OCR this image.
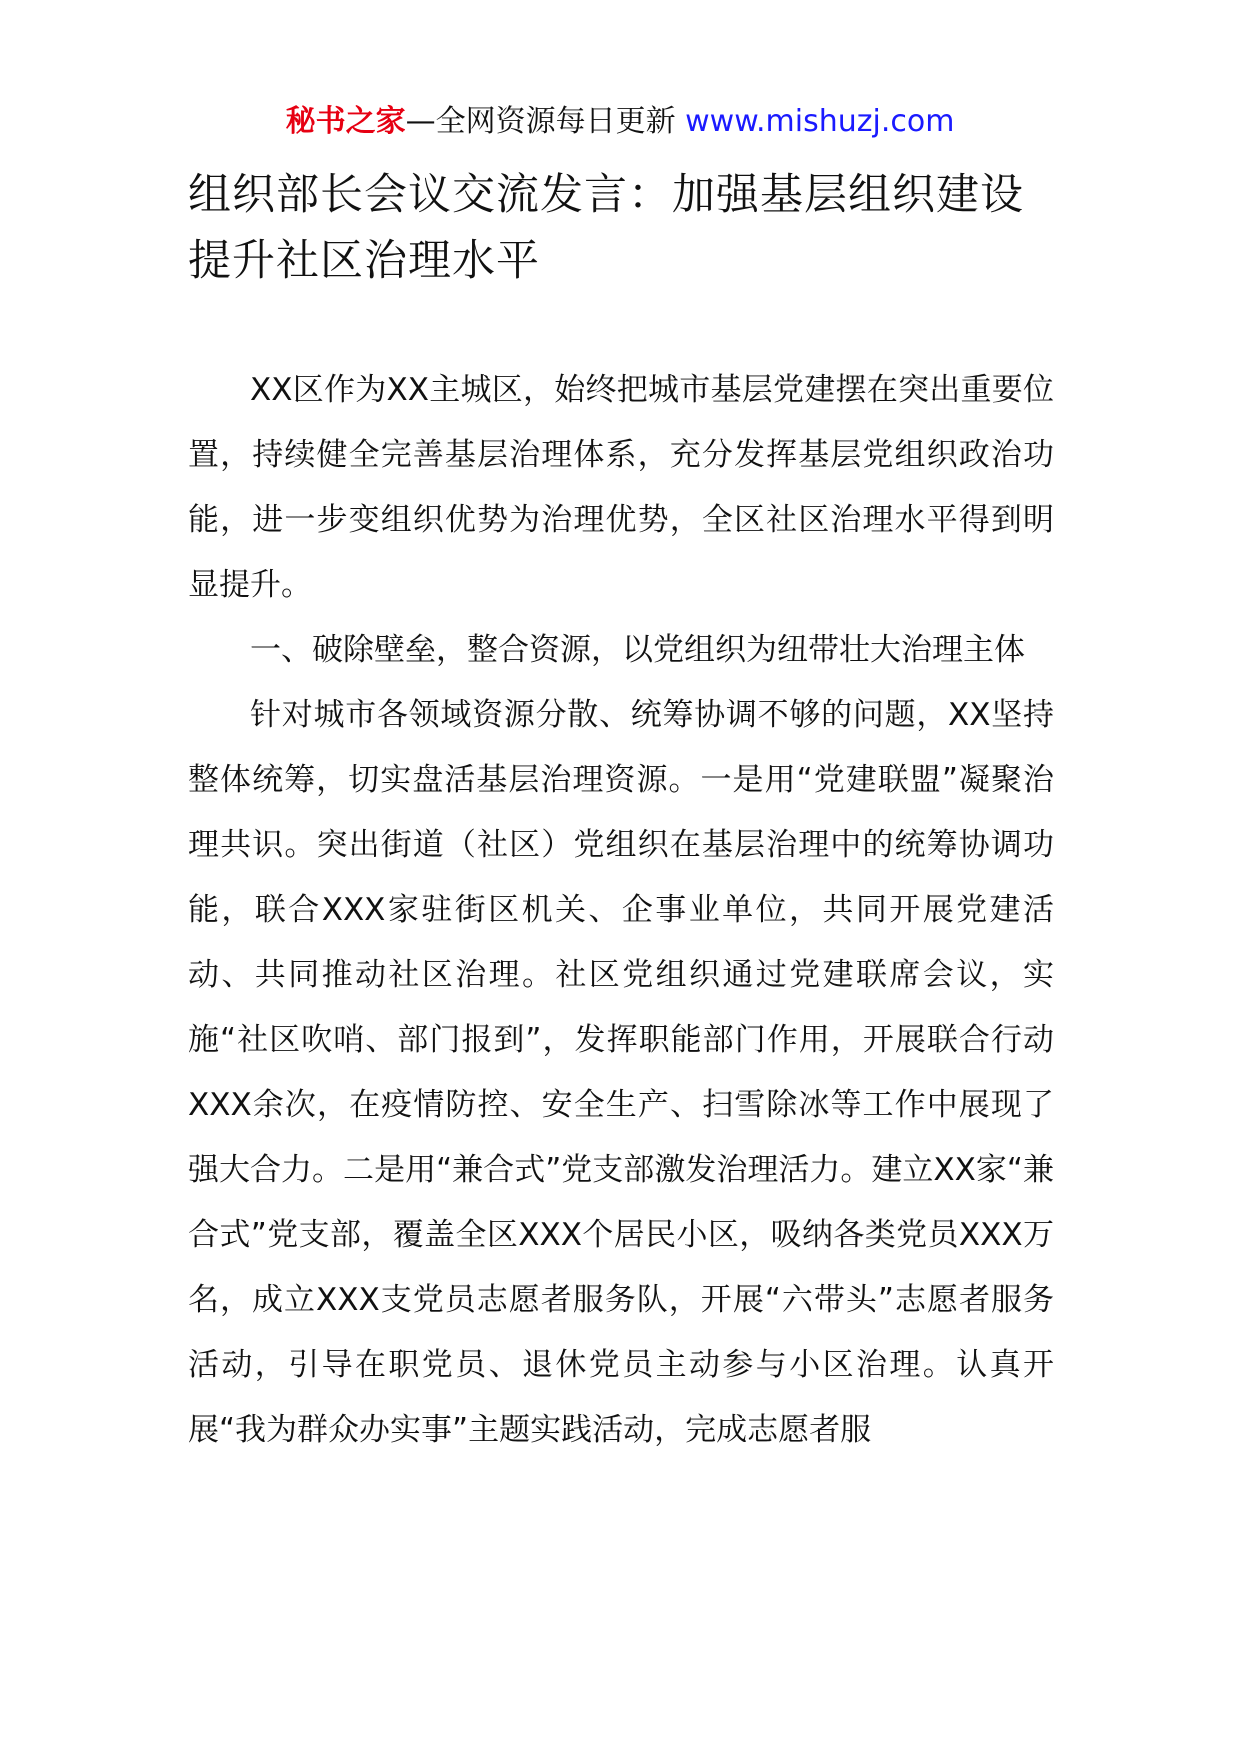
秘书之家—全网资源每日更新 www.mishuzj.com
组织部长会议交流发言：加强基层组织建设 提升社区治理水平

XX区作为XX主城区，始终把城市基层党建摆在突出重要位置，持续健全完善基层治理体系，充分发挥基层党组织政治功能，进一步变组织优势为治理优势，全区社区治理水平得到明显提升。

一、破除壁垒，整合资源，以党组织为纽带壮大治理主体

针对城市各领域资源分散、统筹协调不够的问题，XX坚持整体统筹，切实盘活基层治理资源。一是用“党建联盟”凝聚治理共识。突出街道（社区）党组织在基层治理中的统筹协调功能，联合XXX家驻街区机关、企事业单位，共同开展党建活动、共同推动社区治理。社区党组织通过党建联席会议，实施“社区吹哨、部门报到”，发挥职能部门作用，开展联合行动XXX余次，在疫情防控、安全生产、扫雪除冰等工作中展现了强大合力。二是用“兼合式”党支部激发治理活力。建立XX家“兼合式”党支部，覆盖全区XXX个居民小区，吸纳各类党员XXX万名，成立XXX支党员志愿者服务队，开展“六带头”志愿者服务活动，引导在职党员、退休党员主动参与小区治理。认真开展“我为群众办实事”主题实践活动，完成志愿者服
